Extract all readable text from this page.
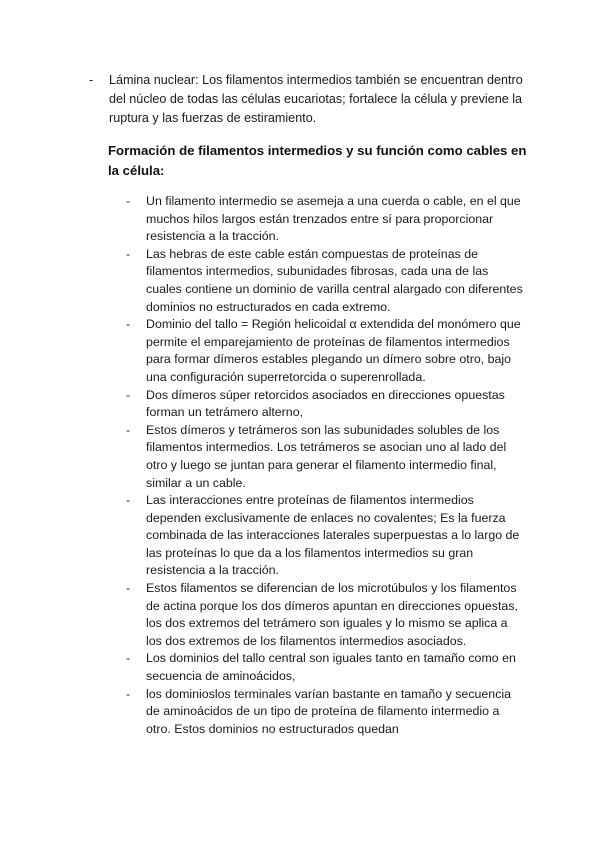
- Lámina nuclear: Los filamentos intermedios también se encuentran dentro del núcleo de todas las células eucariotas; fortalece la célula y previene la ruptura y las fuerzas de estiramiento.
Formación de filamentos intermedios y su función como cables en la célula:
- Un filamento intermedio se asemeja a una cuerda o cable, en el que muchos hilos largos están trenzados entre sí para proporcionar resistencia a la tracción.
- Las hebras de este cable están compuestas de proteínas de filamentos intermedios, subunidades fibrosas, cada una de las cuales contiene un dominio de varilla central alargado con diferentes dominios no estructurados en cada extremo.
- Dominio del tallo = Región helicoidal α extendida del monómero que permite el emparejamiento de proteínas de filamentos intermedios para formar dímeros estables plegando un dímero sobre otro, bajo una configuración superretorcida o superenrollada.
- Dos dímeros súper retorcidos asociados en direcciones opuestas forman un tetrámero alterno,
- Estos dímeros y tetrámeros son las subunidades solubles de los filamentos intermedios. Los tetrámeros se asocian uno al lado del otro y luego se juntan para generar el filamento intermedio final, similar a un cable.
- Las interacciones entre proteínas de filamentos intermedios dependen exclusivamente de enlaces no covalentes; Es la fuerza combinada de las interacciones laterales superpuestas a lo largo de las proteínas lo que da a los filamentos intermedios su gran resistencia a la tracción.
- Estos filamentos se diferencian de los microtúbulos y los filamentos de actina porque los dos dímeros apuntan en direcciones opuestas, los dos extremos del tetrámero son iguales y lo mismo se aplica a los dos extremos de los filamentos intermedios asociados.
- Los dominios del tallo central son iguales tanto en tamaño como en secuencia de aminoácidos,
- los dominioslos terminales varían bastante en tamaño y secuencia de aminoácidos de un tipo de proteína de filamento intermedio a otro. Estos dominios no estructurados quedan
